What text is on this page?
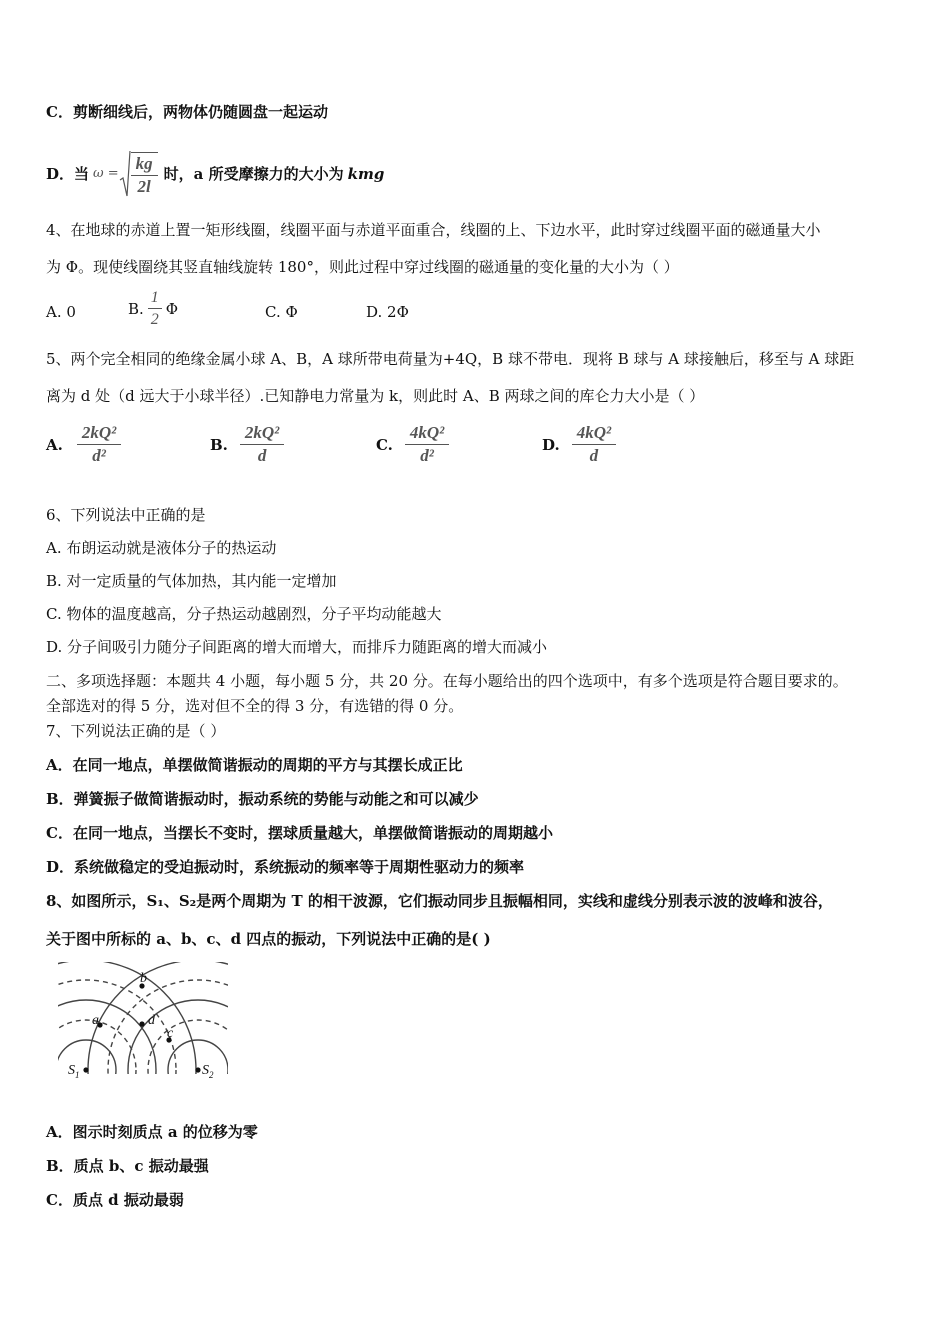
C．剪断细线后，两物体仍随圆盘一起运动
D．当 $\omega = \frac{kg}{2l}$ 时，a 所受摩擦力的大小为 kmg
4、在地球的赤道上置一矩形线圈，线圈平面与赤道平面重合，线圈的上、下边水平，此时穿过线圈平面的磁通量大小
为 Φ。现使线圈绕其竖直轴线旋转 180°，则此过程中穿过线圈的磁通量的变化量的大小为（ ）
A. 0	B. $\frac{1}{2}$ Φ	C. Φ	D. 2Φ
5、两个完全相同的绝缘金属小球 A、B，A 球所带电荷量为+4Q，B 球不带电．现将 B 球与 A 球接触后，移至与 A 球距
离为 d 处（d 远大于小球半径）.已知静电力常量为 k，则此时 A、B 两球之间的库仑力大小是（ ）
A. $\frac{\text{2kQ²}}{\text{d²}}$	B. $\frac{\text{2kQ²}}{d}$	C. $\frac{\text{4kQ²}}{\text{d²}}$	D. $\frac{\text{4kQ²}}{d}$
6、下列说法中正确的是
A. 布朗运动就是液体分子的热运动
B. 对一定质量的气体加热，其内能一定增加
C. 物体的温度越高，分子热运动越剧烈，分子平均动能越大
D. 分子间吸引力随分子间距离的增大而增大，而排斥力随距离的增大而减小
二、多项选择题：本题共 4 小题，每小题 5 分，共 20 分。在每小题给出的四个选项中，有多个选项是符合题目要求的。
全部选对的得 5 分，选对但不全的得 3 分，有选错的得 0 分。
7、下列说法正确的是（ ）
A．在同一地点，单摆做简谐振动的周期的平方与其摆长成正比
B．弹簧振子做简谐振动时，振动系统的势能与动能之和可以减少
C．在同一地点，当摆长不变时，摆球质量越大，单摆做简谐振动的周期越小
D．系统做稳定的受迫振动时，系统振动的频率等于周期性驱动力的频率
8、如图所示，S₁、S₂是两个周期为 T 的相干波源，它们振动同步且振幅相同，实线和虚线分别表示波的波峰和波谷，
关于图中所标的 a、b、c、d 四点的振动，下列说法中正确的是( )
a
b
c
d
$S_1$	$S_2$
A．图示时刻质点 a 的位移为零
B．质点 b、c 振动最强
C．质点 d 振动最弱
